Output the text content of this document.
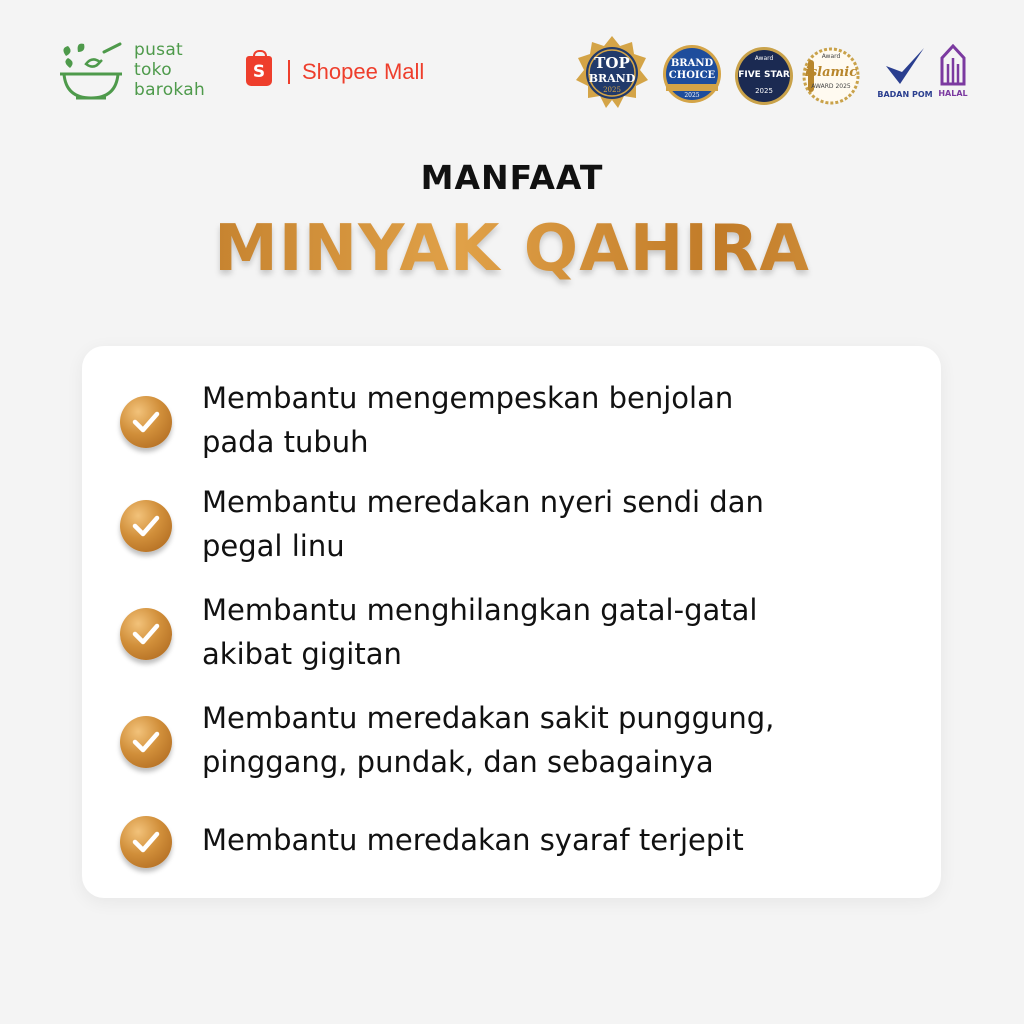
pusat
toko
barokah
S	Shopee Mall	TOP
BRAND
2025
BRAND
CHOICE
2025
Award
FIVE STAR
2025
Award
islamic
AWARD 2025
BADAN POM HALAL
MANFAAT
MINYAK QAHIRA
Membantu mengempeskan benjolan
pada tubuh
Membantu meredakan nyeri sendi dan
pegal linu
Membantu menghilangkan gatal-gatal
akibat gigitan
Membantu meredakan sakit punggung,
pinggang, pundak, dan sebagainya
Membantu meredakan syaraf terjepit
